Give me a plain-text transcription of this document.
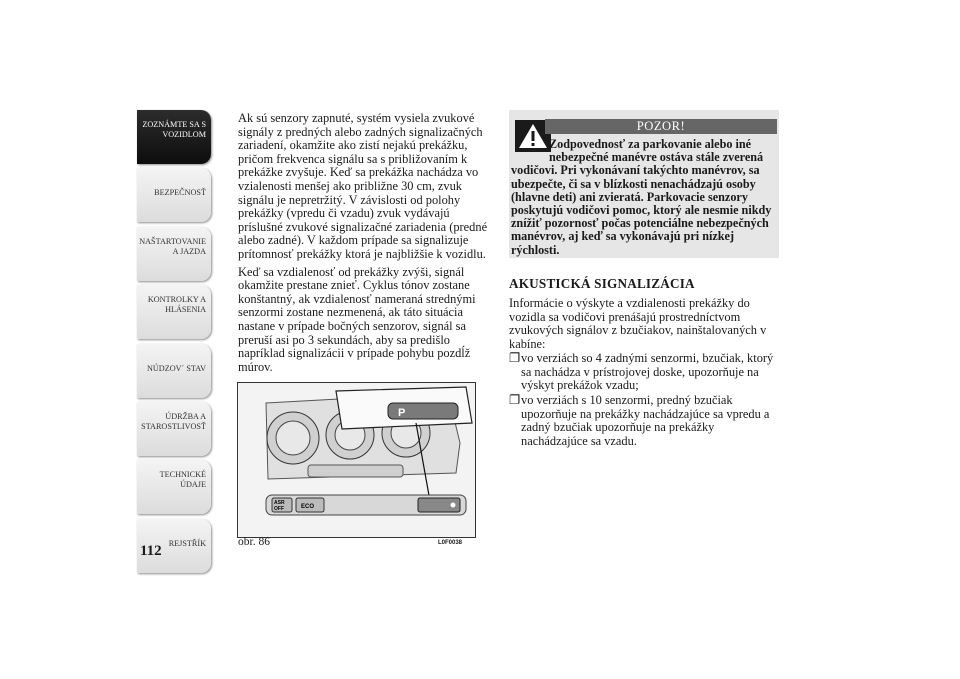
ZOZNÁMTE SA S
VOZIDLOM
BEZPEČNOSŤ
NAŠTARTOVANIE
A JAZDA
KONTROLKY A
HLÁSENIA
NÚDZOV´ STAV
ÚDRŽBA A
STAROSTLIVOSŤ
TECHNICKÉ
ÚDAJE
REJSTŘÍK
112

Ak sú senzory zapnuté, systém vysiela zvukové signály z predných alebo zadných signalizačných zariadení, okamžite ako zistí nejakú prekážku, pričom frekvenca signálu sa s približovaním k prekážke zvyšuje. Keď sa prekážka nachádza vo vzialenosti menšej ako približne 30 cm, zvuk signálu je nepretržitý. V závislosti od polohy prekážky (vpredu či vzadu) zvuk vydávajú príslušné zvukové signalizačné zariadenia (predné alebo zadné). V každom prípade sa signalizuje prítomnosť prekážky ktorá je najbližšie k vozidlu.

Keď sa vzdialenosť od prekážky zvýši, signál okamžite prestane znieť. Cyklus tónov zostane konštantný, ak vzdialenosť nameraná strednými senzormi zostane nezmenená, ak táto situácia nastane v prípade bočných senzorov, signál sa preruší asi po 3 sekundách, aby sa predišlo napríklad signalizácii v prípade pohybu pozdĺž múrov.

P
ASR
OFF	ECO
obr. 86	L0F0038
POZOR!
Zodpovednosť za parkovanie alebo iné
nebezpečné manévre ostáva stále zverená
vodičovi. Pri vykonávaní takýchto manévrov, sa ubezpečte, či sa v blízkosti nenachádzajú osoby (hlavne deti) ani zvieratá. Parkovacie senzory poskytujú vodičovi pomoc, ktorý ale nesmie nikdy znížiť pozornosť počas potenciálne nebezpečných manévrov, aj keď sa vykonávajú pri nízkej rýchlosti.
AKUSTICKÁ SIGNALIZÁCIA
Informácie o výskyte a vzdialenosti prekážky do vozidla sa vodičovi prenášajú prostredníctvom zvukových signálov z bzučiakov, nainštalovaných v kabíne:
❐ vo verziách so 4 zadnými senzormi, bzučiak, ktorý sa nachádza v prístrojovej doske, upozorňuje na výskyt prekážok vzadu;
❐ vo verziách s 10 senzormi, predný bzučiak upozorňuje na prekážky nachádzajúce sa vpredu a zadný bzučiak upozorňuje na prekážky nachádzajúce sa vzadu.
